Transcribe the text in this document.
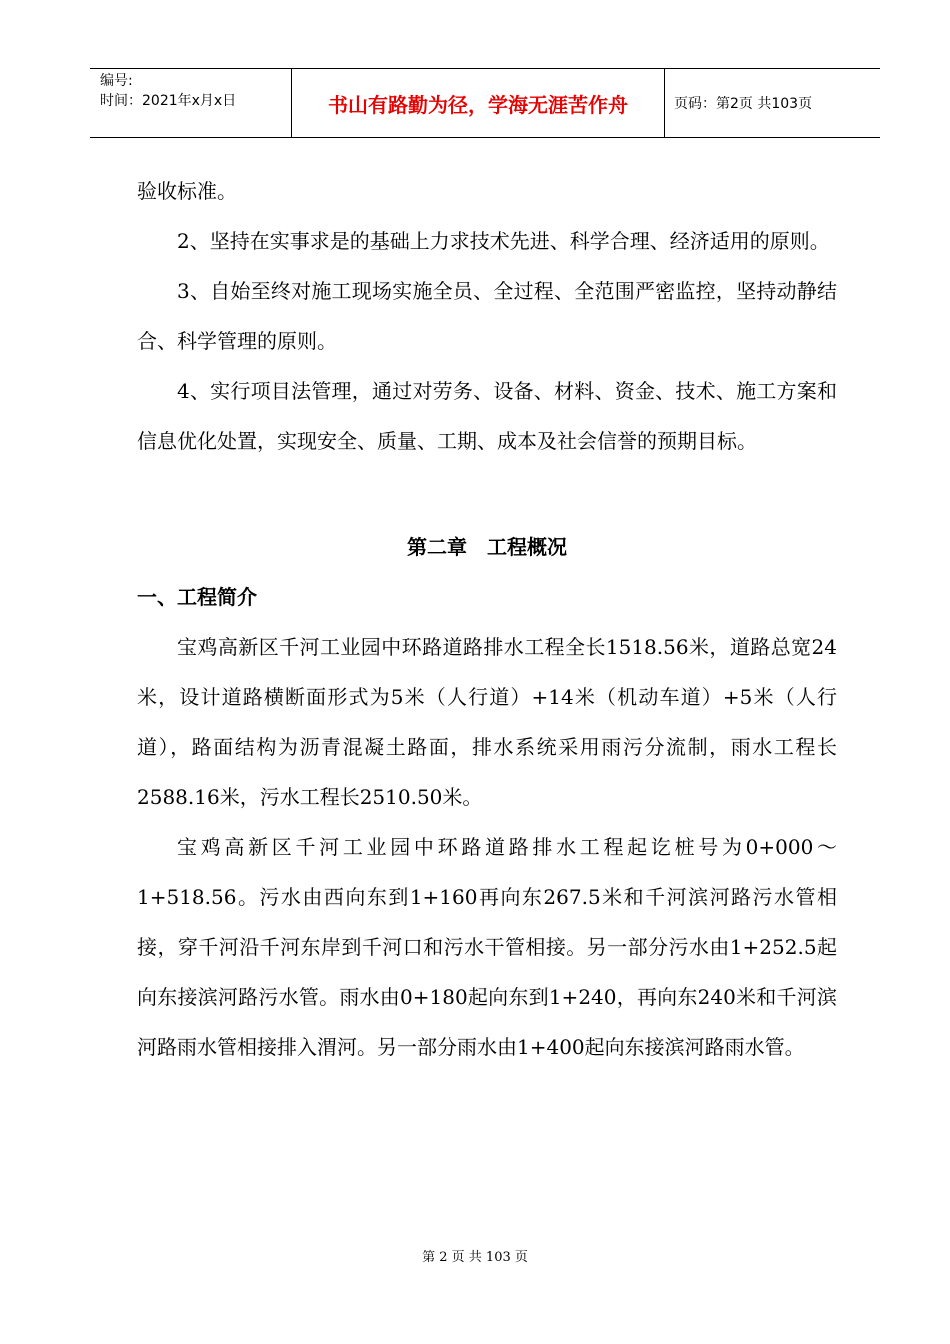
编号:
时间：2021年x月x日	书山有路勤为径，学海无涯苦作舟	页码：第2页 共103页

验收标准。

2、坚持在实事求是的基础上力求技术先进、科学合理、经济适用的原则。

3、自始至终对施工现场实施全员、全过程、全范围严密监控，坚持动静结合、科学管理的原则。

4、实行项目法管理，通过对劳务、设备、材料、资金、技术、施工方案和信息优化处置，实现安全、质量、工期、成本及社会信誉的预期目标。

第二章　工程概况
一、工程简介

宝鸡高新区千河工业园中环路道路排水工程全长1518.56米，道路总宽24米，设计道路横断面形式为5米（人行道）+14米（机动车道）+5米（人行道），路面结构为沥青混凝土路面，排水系统采用雨污分流制，雨水工程长2588.16米，污水工程长2510.50米。

宝鸡高新区千河工业园中环路道路排水工程起讫桩号为0+000～1+518.56。污水由西向东到1+160再向东267.5米和千河滨河路污水管相接，穿千河沿千河东岸到千河口和污水干管相接。另一部分污水由1+252.5起向东接滨河路污水管。雨水由0+180起向东到1+240，再向东240米和千河滨河路雨水管相接排入渭河。另一部分雨水由1+400起向东接滨河路雨水管。

第 2 页 共 103 页
